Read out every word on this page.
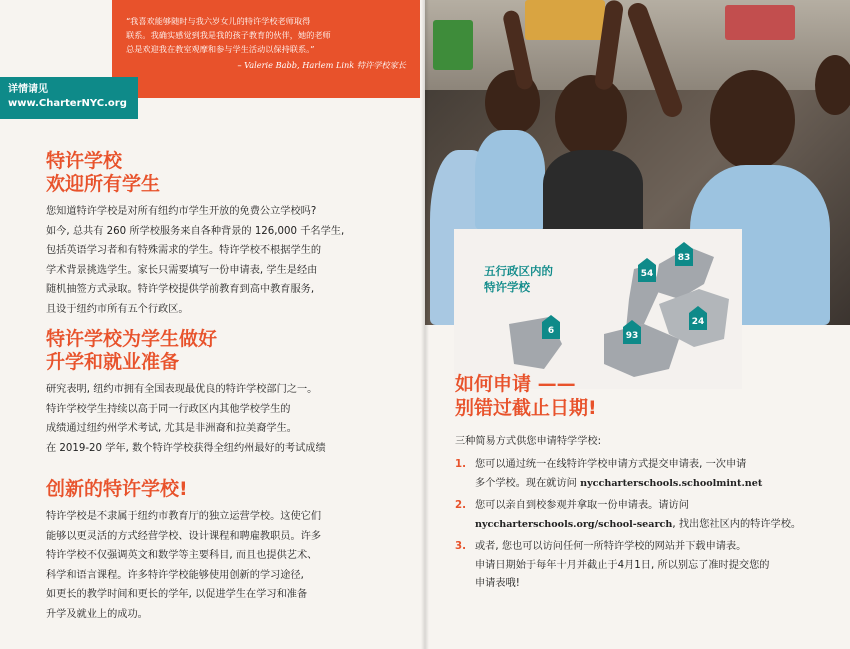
“我喜欢能够随时与我六岁女儿的特许学校老师取得
联系。我确实感觉到我是我的孩子教育的伙伴，她的老师
总是欢迎我在教室观摩和参与学生活动以保持联系。”
– Valerie Babb, Harlem Link 特许学校家长
详情请见
www.CharterNYC.org
特许学校
欢迎所有学生
您知道特许学校是对所有纽约市学生开放的免费公立学校吗?
如今, 总共有 260 所学校服务来自各种背景的 126,000 千名学生,
包括英语学习者和有特殊需求的学生。特许学校不根据学生的
学术背景挑选学生。家长只需要填写一份申请表, 学生是经由
随机抽签方式录取。特许学校提供学前教育到高中教育服务,
且设于纽约市所有五个行政区。
特许学校为学生做好
升学和就业准备
研究表明, 纽约市拥有全国表现最优良的特许学校部门之一。
特许学校学生持续以高于同一行政区内其他学校学生的
成绩通过纽约州学术考试, 尤其是非洲裔和拉美裔学生。
在 2019-20 学年, 数个特许学校获得全纽约州最好的考试成绩
创新的特许学校!
特许学校是不隶属于纽约市教育厅的独立运营学校。这使它们
能够以更灵活的方式经营学校、设计课程和聘雇教职员。许多
特许学校不仅强调英文和数学等主要科目, 而且也提供艺术、
科学和语言课程。许多特许学校能够使用创新的学习途径,
如更长的教学时间和更长的学年, 以促进学生在学习和准备
升学及就业上的成功。
83
54
24
93
6
五行政区内的
特许学校
如何申请 ——
别错过截止日期!
三种简易方式供您申请特学学校:
1. 您可以通过统一在线特许学校申请方式提交申请表, 一次申请
多个学校。现在就访问 nyccharterschools.schoolmint.net
2. 您可以亲自到校参观并拿取一份申请表。请访问
nyccharterschools.org/school-search, 找出您社区内的特许学校。
3. 或者, 您也可以访问任何一所特许学校的网站并下载申请表。
申请日期始于每年十月并截止于4月1日, 所以别忘了准时提交您的
申请表哦!
